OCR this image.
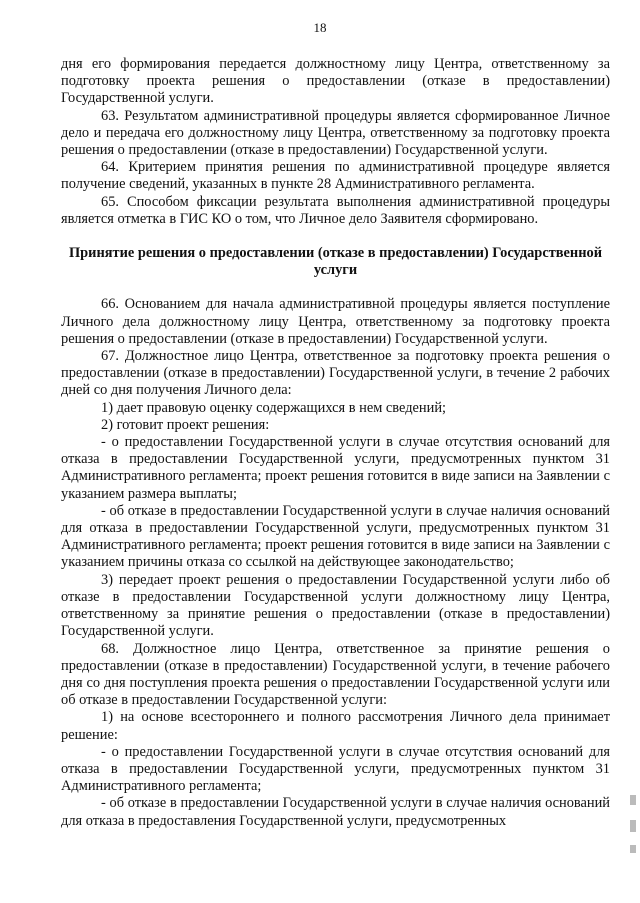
18

дня его формирования передается должностному лицу Центра, ответственному за подготовку проекта решения о предоставлении (отказе в предоставлении) Государственной услуги.

63. Результатом административной процедуры является сформированное Личное дело и передача его должностному лицу Центра, ответственному за подготовку проекта решения о предоставлении (отказе в предоставлении) Государственной услуги.

64. Критерием принятия решения по административной процедуре является получение сведений, указанных в пункте 28 Административного регламента.

65. Способом фиксации результата выполнения административной процедуры является отметка в ГИС КО о том, что Личное дело Заявителя сформировано.

Принятие решения о предоставлении (отказе в предоставлении) Государственной услуги

66. Основанием для начала административной процедуры является поступление Личного дела должностному лицу Центра, ответственному за подготовку проекта решения о предоставлении (отказе в предоставлении) Государственной услуги.

67. Должностное лицо Центра, ответственное за подготовку проекта решения о предоставлении (отказе в предоставлении) Государственной услуги, в течение 2 рабочих дней со дня получения Личного дела:

1) дает правовую оценку содержащихся в нем сведений;

2) готовит проект решения:

- о предоставлении Государственной услуги в случае отсутствия оснований для отказа в предоставлении Государственной услуги, предусмотренных пунктом 31 Административного регламента; проект решения готовится в виде записи на Заявлении с указанием размера выплаты;

- об отказе в предоставлении Государственной услуги в случае наличия оснований для отказа в предоставлении Государственной услуги, предусмотренных пунктом 31 Административного регламента; проект решения готовится в виде записи на Заявлении с указанием причины отказа со ссылкой на действующее законодательство;

3) передает проект решения о предоставлении Государственной услуги либо об отказе в предоставлении Государственной услуги должностному лицу Центра, ответственному за принятие решения о предоставлении (отказе в предоставлении) Государственной услуги.

68. Должностное лицо Центра, ответственное за принятие решения о предоставлении (отказе в предоставлении) Государственной услуги, в течение рабочего дня со дня поступления проекта решения о предоставлении Государственной услуги или об отказе в предоставлении Государственной услуги:

1) на основе всестороннего и полного рассмотрения Личного дела принимает решение:

- о предоставлении Государственной услуги в случае отсутствия оснований для отказа в предоставлении Государственной услуги, предусмотренных пунктом 31 Административного регламента;

- об отказе в предоставлении Государственной услуги в случае наличия оснований для отказа в предоставления Государственной услуги, предусмотренных
